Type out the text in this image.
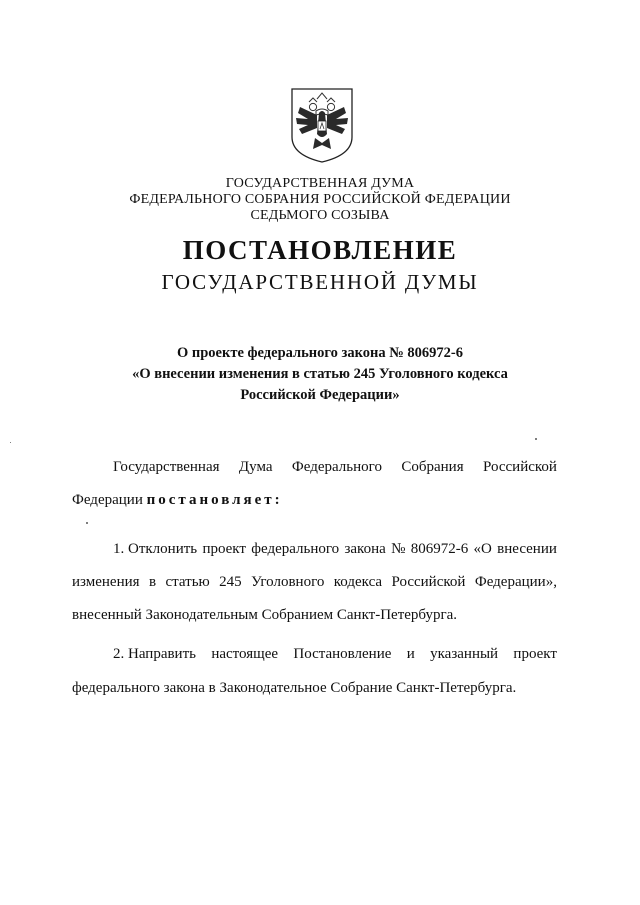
ГОСУДАРСТВЕННАЯ ДУМА
ФЕДЕРАЛЬНОГО СОБРАНИЯ РОССИЙСКОЙ ФЕДЕРАЦИИ
СЕДЬМОГО СОЗЫВА
ПОСТАНОВЛЕНИЕ
ГОСУДАРСТВЕННОЙ ДУМЫ
О проекте федерального закона № 806972-6
«О внесении изменения в статью 245 Уголовного кодекса
Российской Федерации»
Государственная Дума Федерального Собрания Российской
Федерации постановляет:
1. Отклонить проект федерального закона № 806972-6 «О внесении
изменения в статью 245 Уголовного кодекса Российской Федерации»,
внесенный Законодательным Собранием Санкт-Петербурга.
2. Направить настоящее Постановление и указанный проект
федерального закона в Законодательное Собрание Санкт-Петербурга.
